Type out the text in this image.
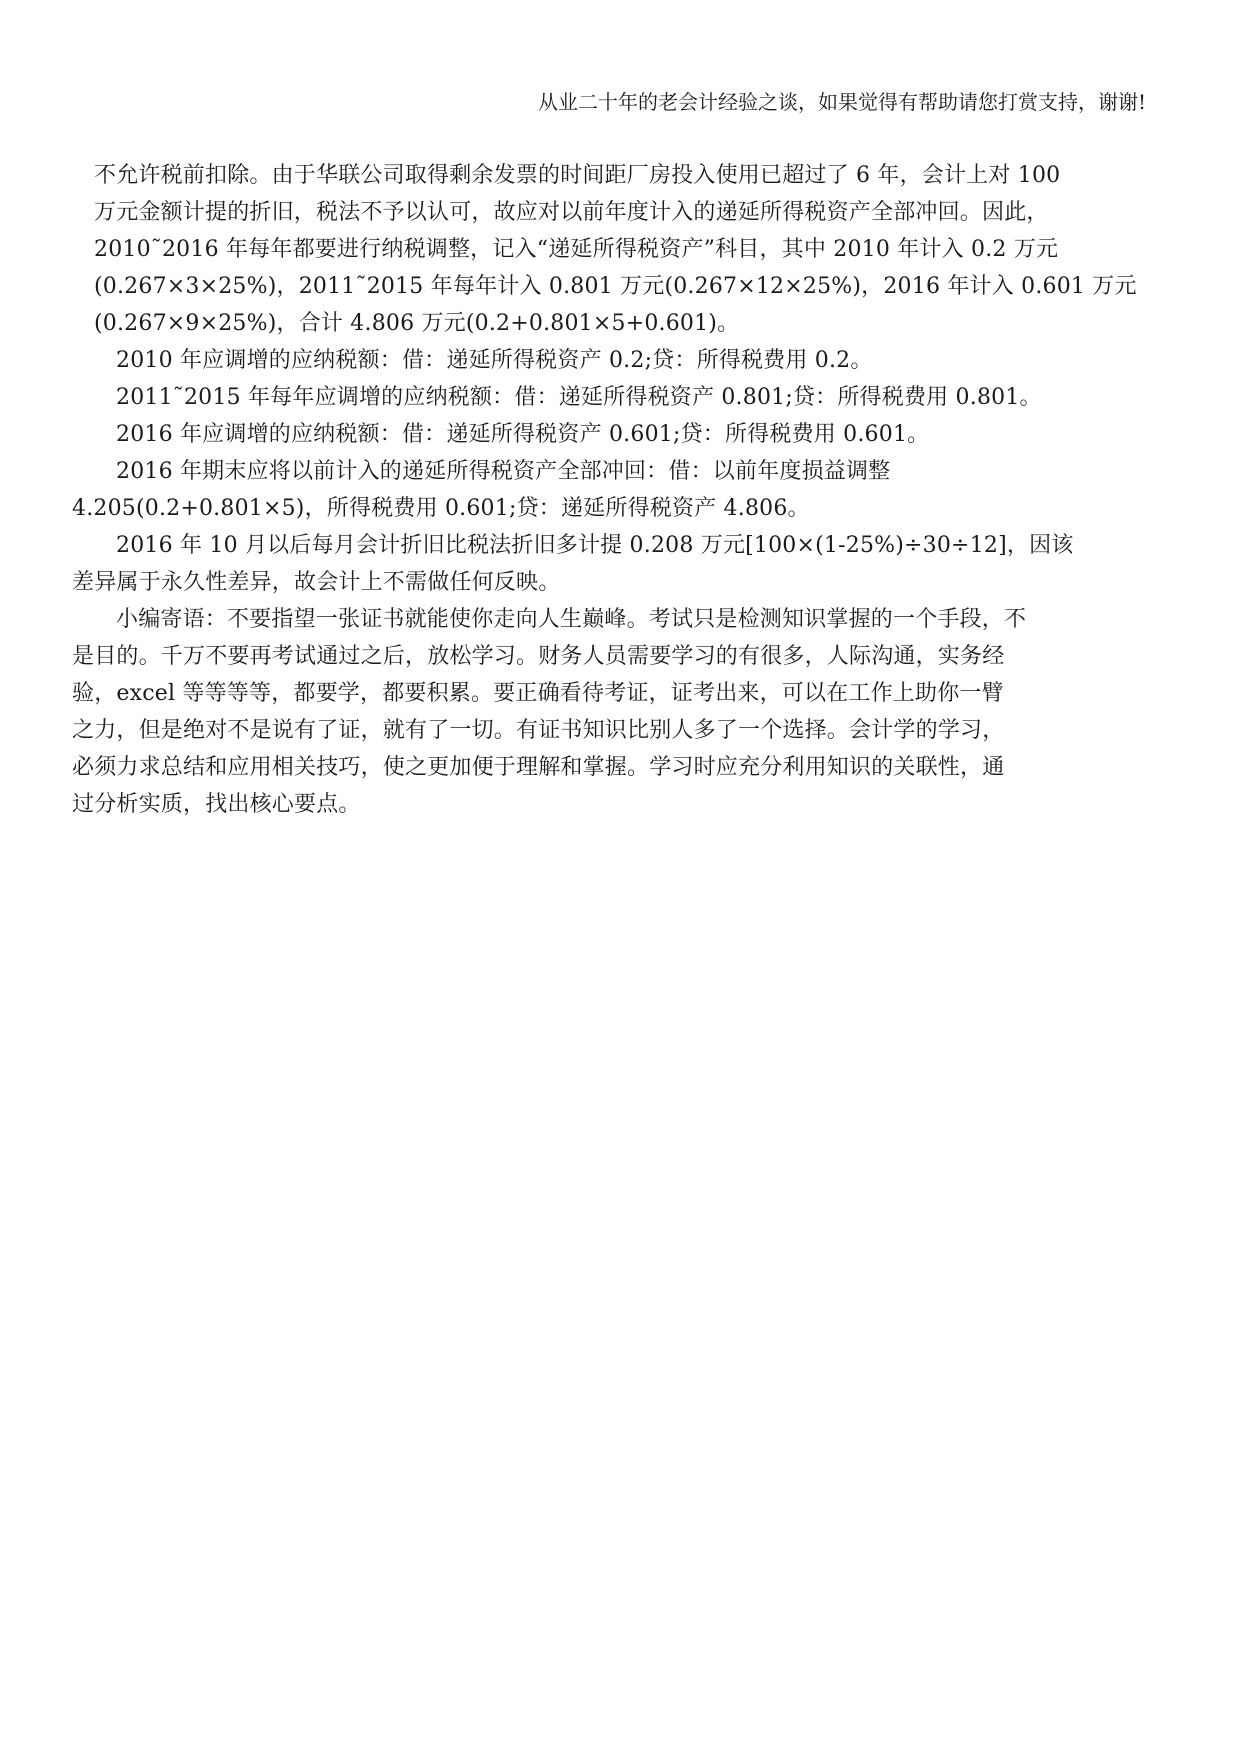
从业二十年的老会计经验之谈，如果觉得有帮助请您打赏支持，谢谢!

不允许税前扣除。由于华联公司取得剩余发票的时间距厂房投入使用已超过了 6 年，会计上对 100
万元金额计提的折旧，税法不予以认可，故应对以前年度计入的递延所得税资产全部冲回。因此，
2010˜2016 年每年都要进行纳税调整，记入“递延所得税资产”科目，其中 2010 年计入 0.2 万元
(0.267×3×25%)，2011˜2015 年每年计入 0.801 万元(0.267×12×25%)，2016 年计入 0.601 万元
(0.267×9×25%)，合计 4.806 万元(0.2+0.801×5+0.601)。

2010 年应调增的应纳税额：借：递延所得税资产 0.2;贷：所得税费用 0.2。

2011˜2015 年每年应调增的应纳税额：借：递延所得税资产 0.801;贷：所得税费用 0.801。

2016 年应调增的应纳税额：借：递延所得税资产 0.601;贷：所得税费用 0.601。

2016 年期末应将以前计入的递延所得税资产全部冲回：借：以前年度损益调整
4.205(0.2+0.801×5)，所得税费用 0.601;贷：递延所得税资产 4.806。

2016 年 10 月以后每月会计折旧比税法折旧多计提 0.208 万元[100×(1-25%)÷30÷12]，因该
差异属于永久性差异，故会计上不需做任何反映。

小编寄语：不要指望一张证书就能使你走向人生巅峰。考试只是检测知识掌握的一个手段，不
是目的。千万不要再考试通过之后，放松学习。财务人员需要学习的有很多，人际沟通，实务经
验，excel 等等等等，都要学，都要积累。要正确看待考证，证考出来，可以在工作上助你一臂
之力，但是绝对不是说有了证，就有了一切。有证书知识比别人多了一个选择。会计学的学习，
必须力求总结和应用相关技巧，使之更加便于理解和掌握。学习时应充分利用知识的关联性，通
过分析实质，找出核心要点。
